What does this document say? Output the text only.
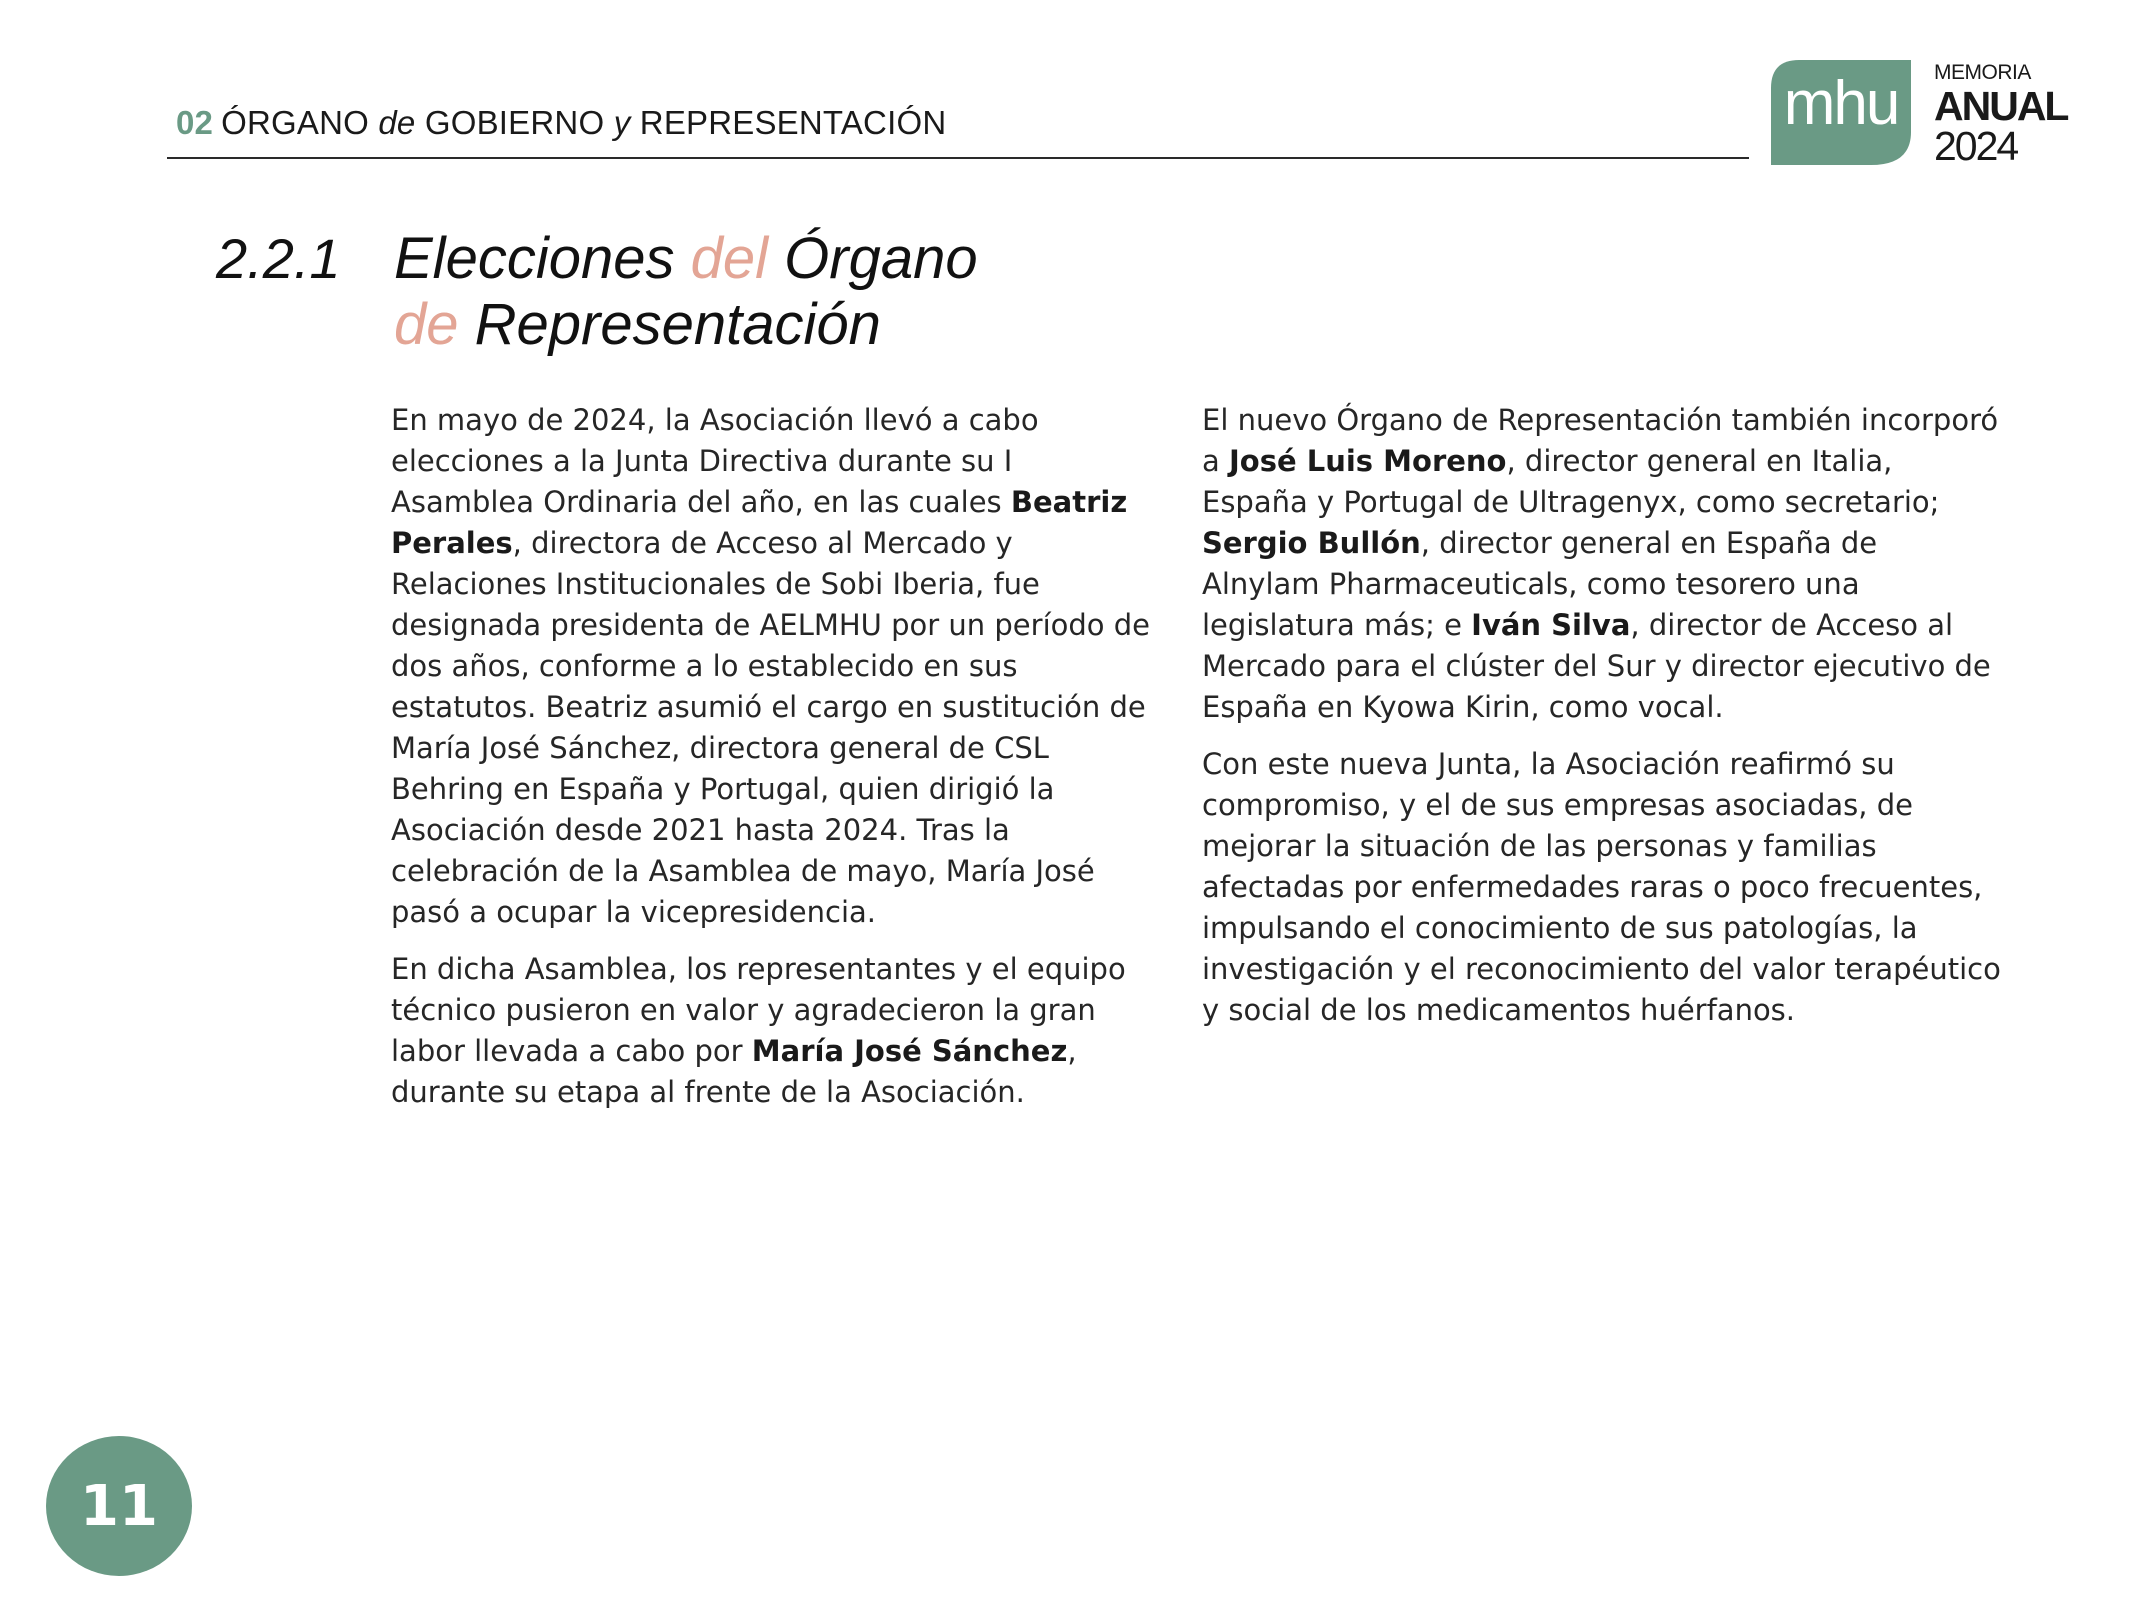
02 ÓRGANO de GOBIERNO y REPRESENTACIÓN	mhu MEMORIA
ANUAL
2024
2.2.1 Elecciones del Órgano
de Representación

En mayo de 2024, la Asociación llevó a cabo elecciones a la Junta Directiva durante su I Asamblea Ordinaria del año, en las cuales Beatriz Perales, directora de Acceso al Mercado y Relaciones Institucionales de Sobi Iberia, fue designada presidenta de AELMHU por un período de dos años, conforme a lo establecido en sus estatutos. Beatriz asumió el cargo en sustitución de María José Sánchez, directora general de CSL Behring en España y Portugal, quien dirigió la Asociación desde 2021 hasta 2024. Tras la celebración de la Asamblea de mayo, María José pasó a ocupar la vicepresidencia.

En dicha Asamblea, los representantes y el equipo técnico pusieron en valor y agradecieron la gran labor llevada a cabo por María José Sánchez, durante su etapa al frente de la Asociación.

El nuevo Órgano de Representación también incorporó a José Luis Moreno, director general en Italia, España y Portugal de Ultragenyx, como secretario; Sergio Bullón, director general en España de Alnylam Pharmaceuticals, como tesorero una legislatura más; e Iván Silva, director de Acceso al Mercado para el clúster del Sur y director ejecutivo de España en Kyowa Kirin, como vocal.

Con este nueva Junta, la Asociación reafirmó su compromiso, y el de sus empresas asociadas, de mejorar la situación de las personas y familias afectadas por enfermedades raras o poco frecuentes, impulsando el conocimiento de sus patologías, la investigación y el reconocimiento del valor terapéutico y social de los medicamentos huérfanos.

11
